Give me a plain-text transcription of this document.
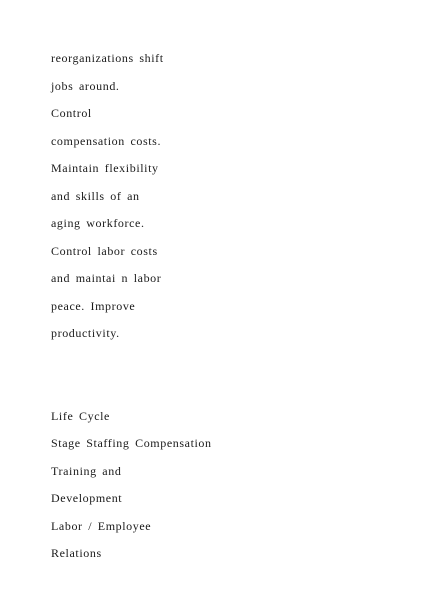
reorganizations shift
jobs around.
Control
compensation costs.
Maintain flexibility
and skills of an
aging workforce.
Control labor costs
and maintai n labor
peace. Improve
productivity.
Life Cycle
Stage Staffing Compensation
Training and
Development
Labor / Employee
Relations
